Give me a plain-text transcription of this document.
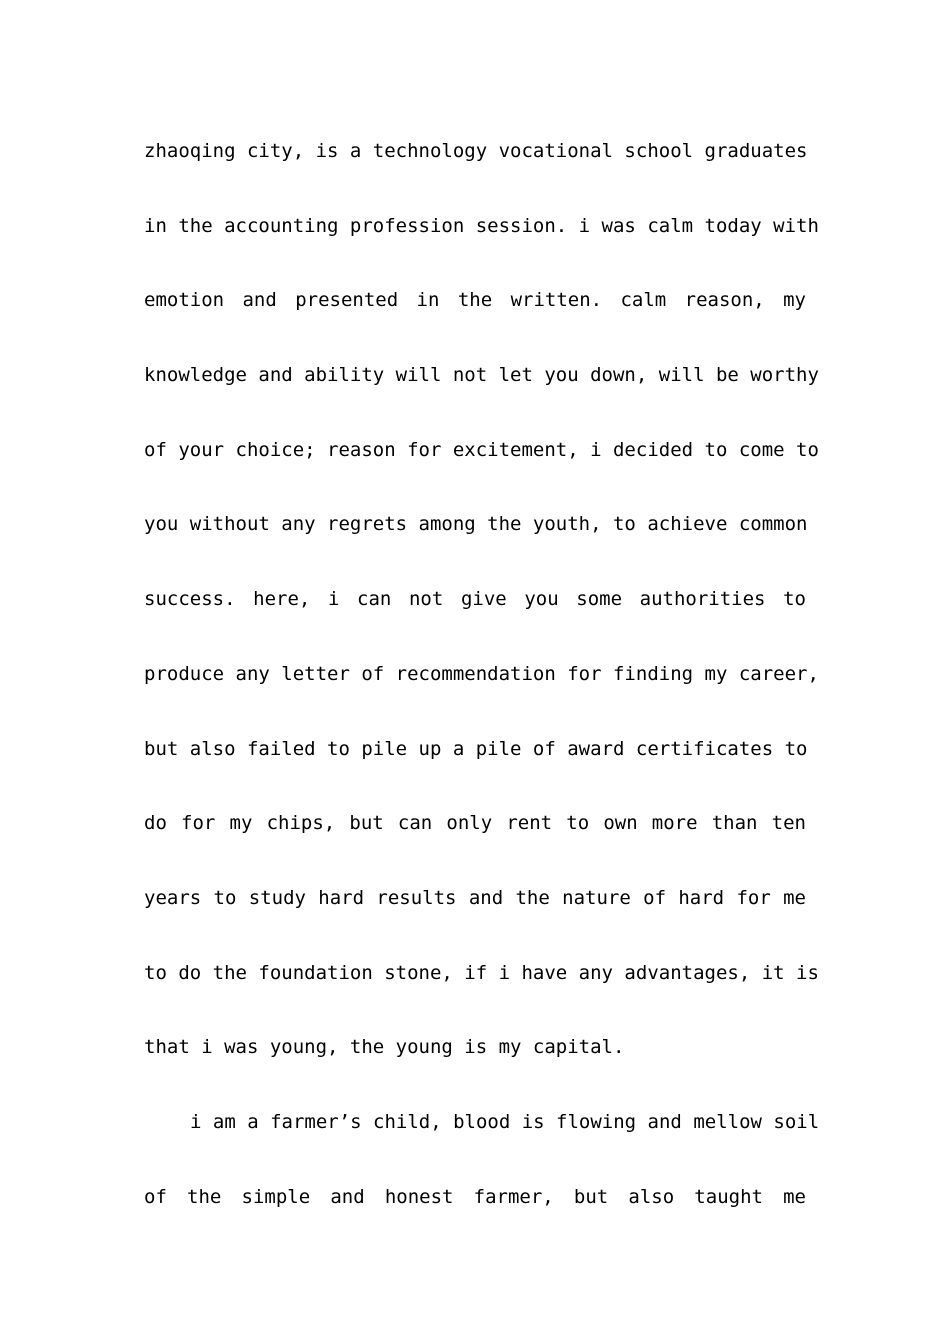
zhaoqing city, is a technology vocational school graduates
in the accounting profession session. i was calm today with
emotion and presented in the written. calm reason, my
knowledge and ability will not let you down, will be worthy
of your choice; reason for excitement, i decided to come to
you without any regrets among the youth, to achieve common
success. here, i can not give you some authorities to
produce any letter of recommendation for finding my career,
but also failed to pile up a pile of award certificates to
do for my chips, but can only rent to own more than ten
years to study hard results and the nature of hard for me
to do the foundation stone, if i have any advantages, it is
that i was young, the young is my capital.
i am a farmer’s child, blood is flowing and mellow soil
of the simple and honest farmer, but also taught me
